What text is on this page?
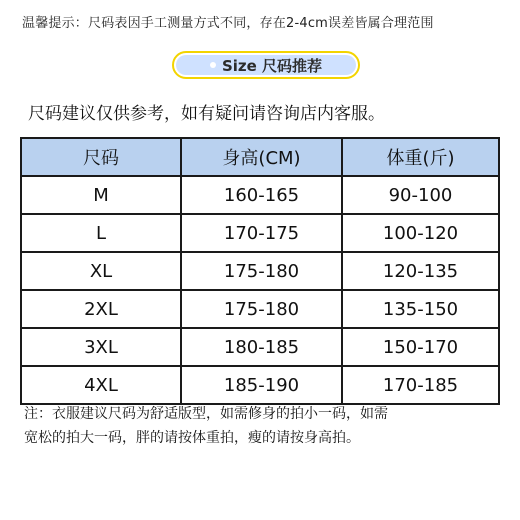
温馨提示：尺码表因手工测量方式不同，存在2-4cm误差皆属合理范围
Size 尺码推荐
尺码建议仅供参考，如有疑问请咨询店内客服。
尺码	身高(CM)	体重(斤)
M	160-165	90-100
L	170-175	100-120
XL	175-180	120-135
2XL	175-180	135-150
3XL	180-185	150-170
4XL	185-190	170-185
注：衣服建议尺码为舒适版型，如需修身的拍小一码，如需
宽松的拍大一码，胖的请按体重拍，瘦的请按身高拍。
